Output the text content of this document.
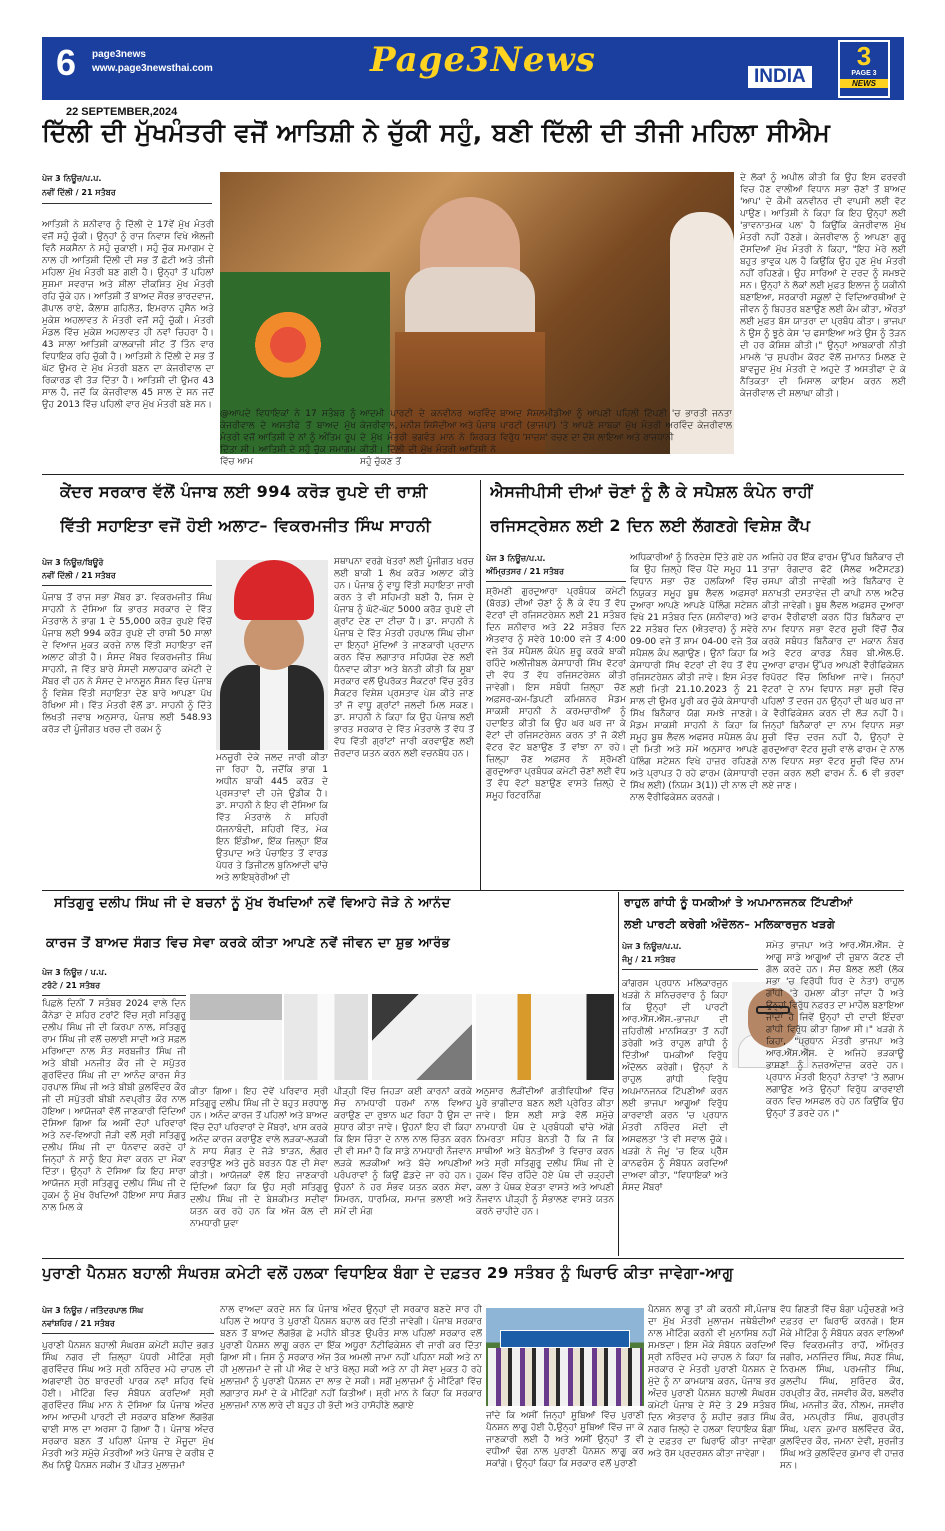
6 page3news
www.page3newsthai.com	Page3News	INDIA
3
PAGE 3
NEWS
22 SEPTEMBER,2024
ਦਿੱਲੀ ਦੀ ਮੁੱਖਮੰਤਰੀ ਵਜੋਂ ਆਤਿਸ਼ੀ ਨੇ ਚੁੱਕੀ ਸਹੁੰ, ਬਣੀ ਦਿੱਲੀ ਦੀ ਤੀਜੀ ਮਹਿਲਾ ਸੀਐਮ
ਪੇਜ 3 ਨਿਊਜ਼/ਪ.ਪ.
ਨਵੀਂ ਦਿੱਲੀ / 21 ਸਤੰਬਰ
ਆਤਿਸ਼ੀ ਨੇ ਸ਼ਨੀਵਾਰ ਨੂੰ ਦਿੱਲੀ ਦੇ 17ਵੇਂ ਮੁੱਖ ਮੰਤਰੀ ਵਜੋਂ ਸਹੁੰ ਚੁੱਕੀ। ਉਨ੍ਹਾਂ ਨੂੰ ਰਾਜ ਨਿਵਾਸ ਵਿਖੇ ਐਲਜੀ ਵਿਨੈ ਸਕਸੈਨਾ ਨੇ ਸਹੁੰ ਚੁਕਾਈ। ਸਹੁੰ ਚੁੱਕ ਸਮਾਗਮ ਦੇ ਨਾਲ ਹੀ ਆਤਿਸ਼ੀ ਦਿੱਲੀ ਦੀ ਸਭ ਤੋਂ ਛੋਟੀ ਅਤੇ ਤੀਜੀ ਮਹਿਲਾ ਮੁੱਖ ਮੰਤਰੀ ਬਣ ਗਈ ਹੈ। ਉਨ੍ਹਾਂ ਤੋਂ ਪਹਿਲਾਂ ਸੁਸ਼ਮਾ ਸਵਰਾਜ ਅਤੇ ਸ਼ੀਲਾ ਦੀਕਸ਼ਿਤ ਮੁੱਖ ਮੰਤਰੀ ਰਹਿ ਚੁੱਕੇ ਹਨ। ਆਤਿਸ਼ੀ ਤੋਂ ਬਾਅਦ ਸੌਰਭ ਭਾਰਦਵਾਜ, ਗੋਪਾਲ ਰਾਏ, ਕੈਲਾਸ਼ ਗਹਿਲੋਤ, ਇਮਰਾਨ ਹੁਸੈਨ ਅਤੇ ਮੁਕੇਸ਼ ਅਹਲਾਵਤ ਨੇ ਮੰਤਰੀ ਵਜੋਂ ਸਹੁੰ ਚੁੱਕੀ। ਮੰਤਰੀ ਮੰਡਲ ਵਿੱਚ ਮੁਕੇਸ਼ ਅਹਲਾਵਤ ਹੀ ਨਵਾਂ ਚਿਹਰਾ ਹੈ। 43 ਸਾਲਾ ਆਤਿਸ਼ੀ ਕਾਲਕਾਜੀ ਸੀਟ ਤੋਂ ਤਿੰਨ ਵਾਰ ਵਿਧਾਇਕ ਰਹਿ ਚੁੱਕੀ ਹੈ। ਆਤਿਸ਼ੀ ਨੇ ਦਿੱਲੀ ਦੇ ਸਭ ਤੋਂ ਘੱਟ ਉਮਰ ਦੇ ਮੁੱਖ ਮੰਤਰੀ ਬਣਨ ਦਾ ਕੇਜਰੀਵਾਲ ਦਾ ਰਿਕਾਰਡ ਵੀ ਤੋੜ ਦਿੱਤਾ ਹੈ। ਆਤਿਸ਼ੀ ਦੀ ਉਮਰ 43 ਸਾਲ ਹੈ, ਜਦੋਂ ਕਿ ਕੇਜਰੀਵਾਲ 45 ਸਾਲ ਦੇ ਸਨ ਜਦੋਂ ਉਹ 2013 ਵਿੱਚ ਪਹਿਲੀ ਵਾਰ ਮੁੱਖ ਮੰਤਰੀ ਬਣੇ ਸਨ।
@ਆਪਦੇ ਵਿਧਾਇਕਾਂ ਨੇ 17 ਸਤੰਬਰ ਨੂੰ ਕੇਜਰੀਵਾਲ ਦੇ ਅਸਤੀਫੇ ਤੋਂ ਬਾਅਦ ਮੁੱਖ ਮੰਤਰੀ ਵਜੋਂ ਆਤਿਸ਼ੀ ਦੇ ਨਾਂ ਨੂੰ ਅੰਤਿਮ ਰੂਪ ਦਿੱਤਾ ਸੀ। ਆਤਿਸ਼ੀ ਦੇ ਸਹੁੰ ਚੁੱਕ ਸਮਾਗਮ ਵਿੱਚ ਆਮ
ਆਦਮੀ ਪਾਰਟੀ ਦੇ ਕਨਵੀਨਰ ਅਰਵਿੰਦ ਕੇਜਰੀਵਾਲ, ਮਨੀਸ਼ ਸਿਸੋਦੀਆ ਅਤੇ ਪੰਜਾਬ ਦੇ ਮੁੱਖ ਮੰਤਰੀ ਭਗਵੰਤ ਮਾਨ ਨੇ ਸ਼ਿਰਕਤ ਕੀਤੀ। ਦਿੱਲੀ ਦੀ ਮੁੱਖ ਮੰਤਰੀ ਆਤਿਸ਼ੀ ਨੇ ਸਹੁੰ ਚੁੱਕਣ ਤੋਂ
ਬਾਅਦ ਸੋਸ਼ਲਮੀਡੀਆ ਨੂੰ ਆਪਣੀ ਪਹਿਲੀ ਟਿੱਪਣੀ 'ਚ ਭਾਰਤੀ ਜਨਤਾ ਪਾਰਟੀ (ਭਾਜਪਾ) 'ਤੇ ਆਪਣੇ ਸਾਬਕਾ ਮੁੱਖ ਮੰਤਰੀ ਅਰਵਿੰਦ ਕੇਜਰੀਵਾਲ ਵਿਰੁੱਧ 'ਸਾਜ਼ਸ਼' ਰਚਣ ਦਾ ਦੋਸ਼ ਲਾਇਆ ਅਤੇ ਰਾਜਧਾਨੀ
ਦੇ ਲੋਕਾਂ ਨੂੰ ਅਪੀਲ ਕੀਤੀ ਕਿ ਉਹ ਇਸ ਫਰਵਰੀ ਵਿਚ ਹੋਣ ਵਾਲੀਆਂ ਵਿਧਾਨ ਸਭਾ ਚੋਣਾਂ ਤੋਂ ਬਾਅਦ 'ਆਪ' ਦੇ ਕੌਮੀ ਕਨਵੀਨਰ ਦੀ ਵਾਪਸੀ ਲਈ ਵੋਟ ਪਾਉਣ। ਆਤਿਸ਼ੀ ਨੇ ਕਿਹਾ ਕਿ ਇਹ ਉਨ੍ਹਾਂ ਲਈ 'ਭਾਵਨਾਤਮਕ ਪਲ' ਹੈ ਕਿਉਂਕਿ ਕੇਜਰੀਵਾਲ ਮੁੱਖ ਮੰਤਰੀ ਨਹੀਂ ਹੋਣਗੇ। ਕੇਜਰੀਵਾਲ ਨੂੰ ਆਪਣਾ ਗੁਰੂ ਦੱਸਦਿਆਂ ਮੁੱਖ ਮੰਤਰੀ ਨੇ ਕਿਹਾ, "ਇਹ ਮੇਰੇ ਲਈ ਬਹੁਤ ਭਾਵੁਕ ਪਲ ਹੈ ਕਿਉਂਕਿ ਉਹ ਹੁਣ ਮੁੱਖ ਮੰਤਰੀ ਨਹੀਂ ਰਹਿਣਗੇ। ਉਹ ਸਾਰਿਆਂ ਦੇ ਦਰਦ ਨੂੰ ਸਮਝਦੇ ਸਨ। ਉਨ੍ਹਾਂ ਨੇ ਲੋਕਾਂ ਲਈ ਮੁਫ਼ਤ ਇਲਾਜ ਨੂੰ ਯਕੀਨੀ ਬਣਾਇਆ, ਸਰਕਾਰੀ ਸਕੂਲਾਂ ਦੇ ਵਿਦਿਆਰਥੀਆਂ ਦੇ ਜੀਵਨ ਨੂੰ ਬਿਹਤਰ ਬਣਾਉਣ ਲਈ ਕੰਮ ਕੀਤਾ, ਔਰਤਾਂ ਲਈ ਮੁਫ਼ਤ ਬੱਸ ਯਾਤਰਾ ਦਾ ਪ੍ਰਬੰਧ ਕੀਤਾ। ਭਾਜਪਾ ਨੇ ਉਸ ਨੂੰ ਝੂਠੇ ਕੇਸ 'ਚ ਫਸਾਇਆ ਅਤੇ ਉਸ ਨੂੰ ਤੋੜਨ ਦੀ ਹਰ ਕੋਸ਼ਿਸ਼ ਕੀਤੀ।" ਉਨ੍ਹਾਂ ਆਬਕਾਰੀ ਨੀਤੀ ਮਾਮਲੇ 'ਚ ਸੁਪਰੀਮ ਕੋਰਟ ਵੱਲੋਂ ਜ਼ਮਾਨਤ ਮਿਲਣ ਦੇ ਬਾਵਜੂਦ ਮੁੱਖ ਮੰਤਰੀ ਦੇ ਅਹੁਦੇ ਤੋਂ ਅਸਤੀਫਾ ਦੇ ਕੇ ਨੈਤਿਕਤਾ ਦੀ ਮਿਸਾਲ ਕਾਇਮ ਕਰਨ ਲਈ ਕੇਜਰੀਵਾਲ ਦੀ ਸ਼ਲਾਘਾ ਕੀਤੀ।
ਕੇਂਦਰ ਸਰਕਾਰ ਵੱਲੋਂ ਪੰਜਾਬ ਲਈ 994 ਕਰੋੜ ਰੁਪਏ ਦੀ ਰਾਸ਼ੀ
ਵਿੱਤੀ ਸਹਾਇਤਾ ਵਜੋਂ ਹੋਈ ਅਲਾਟ– ਵਿਕਰਮਜੀਤ ਸਿੰਘ ਸਾਹਨੀ
ਪੇਜ 3 ਨਿਊਜ਼/ਬਿਊਰੋ
ਨਵੀਂ ਦਿੱਲੀ / 21 ਸਤੰਬਰ
ਪੰਜਾਬ ਤੋਂ ਰਾਜ ਸਭਾ ਮੈਂਬਰ ਡਾ. ਵਿਕਰਮਜੀਤ ਸਿੰਘ ਸਾਹਨੀ ਨੇ ਦੱਸਿਆ ਕਿ ਭਾਰਤ ਸਰਕਾਰ ਦੇ ਵਿੱਤ ਮੰਤਰਾਲੇ ਨੇ ਭਾਗ 1 ਦੇ 55,000 ਕਰੋੜ ਰੁਪਏ ਵਿੱਚੋਂ ਪੰਜਾਬ ਲਈ 994 ਕਰੋੜ ਰੁਪਏ ਦੀ ਰਾਸ਼ੀ 50 ਸਾਲਾਂ ਦੇ ਵਿਆਜ ਮੁਕਤ ਕਰਜ਼ੇ ਨਾਲ ਵਿੱਤੀ ਸਹਾਇਤਾ ਵਜੋਂ ਅਲਾਟ ਕੀਤੀ ਹੈ। ਸੰਸਦ ਮੈਂਬਰ ਵਿਕਰਮਜੀਤ ਸਿੰਘ ਸਾਹਨੀ, ਜੋ ਵਿੱਤ ਬਾਰੇ ਸੰਸਦੀ ਸਲਾਹਕਾਰ ਕਮੇਟੀ ਦੇ ਮੈਂਬਰ ਵੀ ਹਨ ਨੇ ਸੰਸਦ ਦੇ ਮਾਨਸੂਨ ਸੈਸ਼ਨ ਵਿਚ ਪੰਜਾਬ ਨੂੰ ਵਿਸ਼ੇਸ਼ ਵਿੱਤੀ ਸਹਾਇਤਾ ਦੇਣ ਬਾਰੇ ਆਪਣਾ ਪੱਖ ਰੱਖਿਆ ਸੀ। ਵਿੱਤ ਮੰਤਰੀ ਵੱਲੋਂ ਡਾ. ਸਾਹਨੀ ਨੂੰ ਦਿੱਤੇ ਲਿਖਤੀ ਜਵਾਬ ਅਨੁਸਾਰ, ਪੰਜਾਬ ਲਈ 548.93 ਕਰੋੜ ਦੀ ਪੂੰਜੀਗਤ ਖਰਚ ਦੀ ਰਕਮ ਨੂੰ
ਮਨਜ਼ੂਰੀ ਦੇਕੇ ਜਲਦ ਜਾਰੀ ਕੀਤਾ ਜਾ ਰਿਹਾ ਹੈ, ਜਦੋਂਕਿ ਭਾਗ 1 ਅਧੀਨ ਬਾਕੀ 445 ਕਰੋੜ ਦੇ ਪ੍ਰਸਤਾਵਾਂ ਦੀ ਹਜੇ ਉਡੀਕ ਹੈ। ਡਾ. ਸਾਹਨੀ ਨੇ ਇਹ ਵੀ ਦੱਸਿਆ ਕਿ ਵਿੱਤ ਮੰਤਰਾਲੇ ਨੇ ਸ਼ਹਿਰੀ ਯੋਜਨਾਬੰਦੀ, ਸ਼ਹਿਰੀ ਵਿੱਤ, ਮੇਕ ਇਨ ਇੰਡੀਆ, ਇੱਕ ਜ਼ਿਲ੍ਹਾ ਇੱਕ ਉਤਪਾਦ ਅਤੇ ਪੰਚਾਇਤ ਤੋਂ ਵਾਰਡ ਪੱਧਰ ਤੇ ਡਿਜੀਟਲ ਬੁਨਿਆਦੀ ਢਾਂਚੇ ਅਤੇ ਲਾਇਬ੍ਰੇਰੀਆਂ ਦੀ
ਸਥਾਪਨਾ ਵਰਗੇ ਖੇਤਰਾਂ ਲਈ ਪੂੰਜੀਗਤ ਖਰਚ ਲਈ ਬਾਕੀ 1 ਲੱਖ ਕਰੋੜ ਅਲਾਟ ਕੀਤੇ ਹਨ। ਪੰਜਾਬ ਨੂੰ ਵਾਧੂ ਵਿੱਤੀ ਸਹਾਇਤਾ ਜਾਰੀ ਕਰਨ ਤੇ ਵੀ ਸਹਿਮਤੀ ਬਣੀ ਹੈ, ਜਿਸ ਦੇ ਪੰਜਾਬ ਨੂੰ ਘੱਟੋ-ਘੱਟ 5000 ਕਰੋੜ ਰੁਪਏ ਦੀ ਗ੍ਰਾਂਟ ਦੇਣ ਦਾ ਟੀਚਾ ਹੈ। ਡਾ. ਸਾਹਨੀ ਨੇ ਪੰਜਾਬ ਦੇ ਵਿੱਤ ਮੰਤਰੀ ਹਰਪਾਲ ਸਿੰਘ ਚੀਮਾ ਦਾ ਇਨ੍ਹਾਂ ਮੁੱਦਿਆਂ ਤੇ ਜਾਣਕਾਰੀ ਪ੍ਰਦਾਨ ਕਰਨ ਵਿੱਚ ਲਗਾਤਾਰ ਸਹਿਯੋਗ ਦੇਣ ਲਈ ਧੰਨਵਾਦ ਕੀਤਾ ਅਤੇ ਬੇਨਤੀ ਕੀਤੀ ਕਿ ਸੂਬਾ ਸਰਕਾਰ ਵਲੋਂ ਉਪਰੋਕਤ ਸੈਕਟਰਾਂ ਵਿੱਚ ਤੁਰੰਤ ਸੈਕਟਰ ਵਿਸ਼ੇਸ਼ ਪ੍ਰਸਤਾਵ ਪੇਸ਼ ਕੀਤੇ ਜਾਣ ਤਾਂ ਜੋ ਵਾਧੂ ਗ੍ਰਾਂਟਾਂ ਜਲਦੀ ਮਿਲ ਸਕਣ। ਡਾ. ਸਾਹਨੀ ਨੇ ਕਿਹਾ ਕਿ ਉਹ ਪੰਜਾਬ ਲਈ ਭਾਰਤ ਸਰਕਾਰ ਦੇ ਵਿੱਤ ਮੰਤਰਾਲੇ ਤੋਂ ਵੱਧ ਤੋਂ ਵੱਧ ਵਿੱਤੀ ਗ੍ਰਾਂਟਾਂ ਜਾਰੀ ਕਰਵਾਉਣ ਲਈ ਜ਼ੋਰਦਾਰ ਯਤਨ ਕਰਨ ਲਈ ਵਚਨਬੱਧ ਹਨ।
ਐਸਜੀਪੀਸੀ ਦੀਆਂ ਚੋਣਾਂ ਨੂੰ ਲੈ ਕੇ ਸਪੈਸ਼ਲ ਕੰਪੇਨ ਰਾਹੀਂ
ਰਜਿਸਟ੍ਰੇਸ਼ਨ ਲਈ 2 ਦਿਨ ਲਈ ਲੱਗਣਗੇ ਵਿਸ਼ੇਸ਼ ਕੈਂਪ
ਪੇਜ 3 ਨਿਊਜ਼/ਪ.ਪ.
ਅੰਮ੍ਰਿਤਸਰ / 21 ਸਤੰਬਰ
ਸ਼੍ਰੋਮਣੀ ਗੁਰਦੁਆਰਾ ਪ੍ਰਬੰਧਕ ਕਮੇਟੀ (ਬੋਰਡ) ਦੀਆਂ ਚੋਣਾਂ ਨੂੰ ਲੈ ਕੇ ਵੱਧ ਤੋਂ ਵੱਧ ਵੋਟਰਾਂ ਦੀ ਰਜਿਸਟਰੇਸ਼ਨ ਲਈ 21 ਸਤੰਬਰ ਦਿਨ ਸ਼ਨੀਵਾਰ ਅਤੇ 22 ਸਤੰਬਰ ਦਿਨ ਐਤਵਾਰ ਨੂੰ ਸਵੇਰੇ 10:00 ਵਜੇ ਤੋਂ 4:00 ਵਜੇ ਤੱਕ ਸਪੈਸ਼ਲ ਕੰਪੇਨ ਸ਼ੁਰੂ ਕਰਕੇ ਬਾਕੀ ਰਹਿੰਦੇ ਅਲੀਜੀਬਲ ਕੇਸਾਧਾਰੀ ਸਿੱਖ ਵੋਟਰਾਂ ਦੀ ਵੱਧ ਤੋਂ ਵੱਧ ਰਜਿਸਟਰੇਸ਼ਨ ਕੀਤੀ ਜਾਵੇਗੀ। ਇਸ ਸਬੰਧੀ ਜ਼ਿਲ੍ਹਾ ਚੋਣ ਅਫ਼ਸਰ-ਕਮ-ਡਿਪਟੀ ਕਮਿਸ਼ਨਰ ਮੈਡਮ ਸਾਕਸ਼ੀ ਸਾਹਨੀ ਨੇ ਕਰਮਚਾਰੀਆਂ ਨੂੰ ਹਦਾਇਤ ਕੀਤੀ ਕਿ ਉਹ ਘਰ ਘਰ ਜਾ ਕੇ ਵੋਟਾਂ ਦੀ ਰਜਿਸਟਰੇਸ਼ਨ ਕਰਨ ਤਾਂ ਜੋ ਕੋਈ ਵੋਟਰ ਵੋਟ ਬਣਾਉਣ ਤੋਂ ਵਾਂਝਾ ਨਾ ਰਹੇ। ਜ਼ਿਲ੍ਹਾ ਚੋਣ ਅਫ਼ਸਰ ਨੇ ਸ਼੍ਰੋਮਣੀ ਗੁਰਦੁਆਰਾ ਪ੍ਰਬੰਧਕ ਕਮੇਟੀ ਚੋਣਾਂ ਲਈ ਵੱਧ ਤੋਂ ਵੱਧ ਵੋਟਾਂ ਬਣਾਉਣ ਵਾਸਤੇ ਜ਼ਿਲ੍ਹੇ ਦੇ ਸਮੂਹ ਰਿਟਰਨਿੰਗ
ਅਧਿਕਾਰੀਆਂ ਨੂੰ ਨਿਰਦੇਸ਼ ਦਿੱਤੇ ਗਏ ਹਨ ਕਿ ਉਹ ਜ਼ਿਲ੍ਹੇ ਵਿੱਚ ਪੈਂਦੇ ਸਮੂਹ 11 ਵਿਧਾਨ ਸਭਾ ਚੋਣ ਹਲਕਿਆਂ ਵਿੱਚ ਨਿਯੁਕਤ ਸਮੂਹ ਬੂਥ ਲੈਵਲ ਅਫ਼ਸਰਾਂ ਦੁਆਰਾ ਆਪਣੇ ਆਪਣੇ ਪੋਲਿੰਗ ਸਟੇਸ਼ਨ ਵਿਖੇ 21 ਸਤੰਬਰ ਦਿਨ (ਸ਼ਨੀਵਾਰ) ਅਤੇ 22 ਸਤੰਬਰ ਦਿਨ (ਐਤਵਾਰ) ਨੂੰ ਸਵੇਰੇ 09-00 ਵਜੇ ਤੋਂ ਸ਼ਾਮ 04-00 ਵਜੇ ਤੱਕ ਸਪੈਸ਼ਲ ਕੰਪ ਲਗਾਉਣ। ਉਨਾਂ ਕਿਹਾ ਕਿ ਕੇਸਾਧਾਰੀ ਸਿੱਖ ਵੋਟਰਾਂ ਦੀ ਵੱਧ ਤੋਂ ਵੱਧ ਰਜਿਸਟਰੇਸ਼ਨ ਕੀਤੀ ਜਾਵੇ। ਇਸ ਮੰਤਵ ਲਈ ਮਿਤੀ 21.10.2023 ਨੂੰ 21 ਸਾਲ ਦੀ ਉਮਰ ਪੂਰੀ ਕਰ ਚੁੱਕੇ ਕੇਸਾਧਾਰੀ ਸਿੱਖ ਬਿਨੈਕਾਰ ਯੋਗ ਸਮਝੇ ਜਾਣਗੇ। ਮੈਡਮ ਸਾਕਸ਼ੀ ਸਾਹਨੀ ਨੇ ਕਿਹਾ ਕਿ ਸਮੂਹ ਬੂਥ ਲੈਵਲ ਅਫਸਰ ਸਪੈਸ਼ਲ ਕੰਪ ਦੀ ਮਿਤੀ ਅਤੇ ਸਮੇਂ ਅਨੁਸਾਰ ਆਪਣੇ ਪੋਲਿੰਗ ਸਟੇਸ਼ਨ ਵਿਖੇ ਹਾਜ਼ਰ ਰਹਿਣਗੇ ਅਤੇ ਪ੍ਰਾਪਤ ਹੋ ਰਹੇ ਫਾਰਮ (ਕੇਸਾਧਾਰੀ ਸਿੱਖ ਲਈ) (ਨਿਯਮ 3(1)) ਦੀ ਨਾਲ ਦੀ ਨਾਲ ਵੈਰੀਫਿਕੇਸ਼ਨ ਕਰਨਗੇ।
ਅਜਿਹੇ ਹਰ ਇੱਕ ਫਾਰਮ ਉੱਪਰ ਬਿਨੈਕਾਰ ਦੀ ਤਾਜ਼ਾ ਰੰਗਦਾਰ ਫੋਟੋ (ਸੈਲਫ ਅਟੈਸਟਡ) ਚਸਪਾ ਕੀਤੀ ਜਾਵੇਗੀ ਅਤੇ ਬਿਨੈਕਾਰ ਦੇ ਸ਼ਨਾਖਤੀ ਦਸਤਾਵੇਜ਼ ਦੀ ਕਾਪੀ ਨਾਲ ਅਟੈਚ ਕੀਤੀ ਜਾਵੇਗੀ। ਬੂਥ ਲੈਵਲ ਅਫ਼ਸਰ ਦੁਆਰਾ ਫਾਰਮ ਵੈਰੀਫਾਈ ਕਰਨ ਹਿੱਤ ਬਿਨੈਕਾਰ ਦਾ ਨਾਮ ਵਿਧਾਨ ਸਭਾ ਵੋਟਰ ਸੂਚੀ ਵਿੱਚੋਂ ਚੈੱਕ ਕਰਕੇ ਸਬੰਧਤ ਬਿਨੈਕਾਰ ਦਾ ਮਕਾਨ ਨੰਬਰ ਅਤੇ ਵੋਟਰ ਕਾਰਡ ਨੰਬਰ ਬੀ.ਐਲ.ਓ. ਦੁਆਰਾ ਫਾਰਮ ਉੱਪਰ ਆਪਣੀ ਵੈਰੀਫਿਕੇਸ਼ਨ ਰਿਪੋਰਟ ਵਿੱਚ ਲਿਖਿਆ ਜਾਵੇ। ਜਿਨ੍ਹਾਂ ਵੋਟਰਾਂ ਦੇ ਨਾਮ ਵਿਧਾਨ ਸਭਾ ਸੂਚੀ ਵਿੱਚ ਪਹਿਲਾਂ ਤੋਂ ਦਰਜ ਹਨ ਉਨ੍ਹਾਂ ਦੀ ਘਰ ਘਰ ਜਾ ਕੇ ਵੈਰੀਫਿਕੇਸ਼ਨ ਕਰਨ ਦੀ ਲੋੜ ਨਹੀਂ ਹੈ। ਜਿਨ੍ਹਾਂ ਬਿਨੈਕਾਰਾਂ ਦਾ ਨਾਮ ਵਿਧਾਨ ਸਭਾ ਸੂਚੀ ਵਿੱਚ ਦਰਜ ਨਹੀਂ ਹੈ, ਉਨ੍ਹਾਂ ਦੇ ਗੁਰਦੁਆਰਾ ਵੋਟਰ ਸੂਚੀ ਵਾਲੇ ਫਾਰਮ ਦੇ ਨਾਲ ਨਾਲ ਵਿਧਾਨ ਸਭਾ ਵੋਟਰ ਸੂਚੀ ਵਿੱਚ ਨਾਮ ਦਰਜ ਕਰਨ ਲਈ ਫਾਰਮ ਨੰ. 6 ਵੀ ਭਰਵਾ ਲਏ ਜਾਣ।
ਸਤਿਗੁਰੂ ਦਲੀਪ ਸਿੰਘ ਜੀ ਦੇ ਬਚਨਾਂ ਨੂੰ ਮੁੱਖ ਰੱਖਦਿਆਂ ਨਵੇਂ ਵਿਆਹੇ ਜੋੜੇ ਨੇ ਆਨੰਦ
ਕਾਰਜ ਤੋਂ ਬਾਅਦ ਸੰਗਤ ਵਿਚ ਸੇਵਾ ਕਰਕੇ ਕੀਤਾ ਆਪਣੇ ਨਵੇਂ ਜੀਵਨ ਦਾ ਸ਼ੁਭ ਆਰੰਭ
ਪੇਜ 3 ਨਿਊਜ਼ / ਪ.ਪ.
ਟਰੰਟੋ / 21 ਸਤੰਬਰ
ਪਿਛਲੇ ਦਿਨੀਂ 7 ਸਤੰਬਰ 2024 ਵਾਲੇ ਦਿਨ ਕੈਨੇਡਾ ਦੇ ਸ਼ਹਿਰ ਟਰਾਂਟੋ ਵਿੱਚ ਸ੍ਰੀ ਸਤਿਗੁਰੂ ਦਲੀਪ ਸਿੰਘ ਜੀ ਦੀ ਕਿਰਪਾ ਨਾਲ, ਸਤਿਗੁਰੂ ਰਾਮ ਸਿੰਘ ਜੀ ਵਲੋਂ ਚਲਾਈ ਸਾਦੀ ਅਤੇ ਸਫ਼ਲ ਮਰਿਆਦਾ ਨਾਲ ਸੰਤ ਸਰਬਜੀਤ ਸਿੰਘ ਜੀ ਅਤੇ ਬੀਬੀ ਮਨਜੀਤ ਕੌਰ ਜੀ ਦੇ ਸਪੁੱਤਰ ਗੁਰਵਿੰਦਰ ਸਿੰਘ ਜੀ ਦਾ ਆਨੰਦ ਕਾਰਜ ਸੰਤ ਹਰਪਾਲ ਸਿੰਘ ਜੀ ਅਤੇ ਬੀਬੀ ਕੁਲਵਿੰਦਰ ਕੌਰ ਜੀ ਦੀ ਸਪੁੱਤਰੀ ਬੀਬੀ ਨਵਪ੍ਰੀਤ ਕੌਰ ਨਾਲ ਹੋਇਆ। ਆਯੋਜਕਾਂ ਵੱਲੋਂ ਜਾਣਕਾਰੀ ਦਿੰਦਿਆਂ ਦੱਸਿਆ ਗਿਆ ਕਿ ਅਸੀਂ ਦੋਹਾਂ ਪਰਿਵਾਰਾਂ ਅਤੇ ਨਵ-ਵਿਆਹੀ ਜੋੜੀ ਵਲੋਂ ਸ੍ਰੀ ਸਤਿਗੁਰੂ ਦਲੀਪ ਸਿੰਘ ਜੀ ਦਾ ਧੰਨਵਾਦ ਕਰਦੇ ਹਾਂ ਜਿਨ੍ਹਾਂ ਨੇ ਸਾਨੂੰ ਇਹ ਸੇਵਾ ਕਰਨ ਦਾ ਮੌਕਾ ਦਿੱਤਾ। ਉਨ੍ਹਾਂ ਨੇ ਦੱਸਿਆ ਕਿ ਇਹ ਸਾਰਾ ਆਯੋਜਨ ਸ੍ਰੀ ਸਤਿਗੁਰੂ ਦਲੀਪ ਸਿੰਘ ਜੀ ਦੇ ਹੁਕਮ ਨੂੰ ਮੁੱਖ ਰੱਖਦਿਆਂ ਹੋਇਆ ਸਾਧ ਸੰਗਤ ਨਾਲ ਮਿਲ ਕੇ
ਕੀਤਾ ਗਿਆ। ਇਹ ਦੋਵੇਂ ਪਰਿਵਾਰ ਸ੍ਰੀ ਸਤਿਗੁਰੂ ਦਲੀਪ ਸਿੰਘ ਜੀ ਦੇ ਬਹੁਤ ਸ਼ਰਧਾਲੂ ਹਨ। ਅਨੰਦ ਕਾਰਜ ਤੋਂ ਪਹਿਲਾਂ ਅਤੇ ਬਾਅਦ ਵਿੱਚ ਦੋਹਾਂ ਪਰਿਵਾਰਾਂ ਦੇ ਮੈਂਬਰਾਂ, ਖਾਸ ਕਰਕੇ ਅਨੰਦ ਕਾਰਜ ਕਰਾਉਣ ਵਾਲੇ ਲੜਕਾ-ਲੜਕੀ ਨੇ ਸਾਧ ਸੰਗਤ ਦੇ ਜੋੜੇ ਝਾੜਨ, ਲੰਗਰ ਵਰਤਾਉਣ ਅਤੇ ਜੂਠੇ ਬਰਤਨ ਧੋਣ ਦੀ ਸੇਵਾ ਕੀਤੀ। ਆਯੋਜਕਾਂ ਵੱਲੋਂ ਇਹ ਜਾਣਕਾਰੀ ਦਿੰਦਿਆਂ ਕਿਹਾ ਕਿ ਉਹ ਸ੍ਰੀ ਸਤਿਗੁਰੂ ਦਲੀਪ ਸਿੰਘ ਜੀ ਦੇ ਬੇਸ਼ਕੀਮਤ ਸਦੀਵਾ ਯਤਨ ਕਰ ਰਹੇ ਹਨ ਕਿ ਅੱਜ ਕੱਲ ਦੀ ਨਾਮਧਾਰੀ ਯੁਵਾ
ਪੀੜ੍ਹੀ ਵਿੱਚ ਜਿਹੜਾ ਕਈ ਕਾਰਨਾਂ ਕਰਕੇ ਸੱਚ ਨਾਮਧਾਰੀ ਧਰਮਾਂ ਨਾਲ ਵਿਆਹ ਕਰਾਉਣ ਦਾ ਰੁਝਾਨ ਘਟ ਰਿਹਾ ਹੈ ਉਸ ਦਾ ਸੁਧਾਰ ਕੀਤਾ ਜਾਵੇ। ਉਹਨਾਂ ਇਹ ਵੀ ਕਿਹਾ ਕਿ ਇਸ ਚਿੰਤਾ ਦੇ ਨਾਲ ਨਾਲ ਚਿੰਤਨ ਕਰਨ ਦੀ ਵੀ ਸਮਾਂ ਹੈ ਕਿ ਸਾਡੇ ਨਾਮਧਾਰੀ ਨੌਜਵਾਨ ਲੜਕੇ ਲੜਕੀਆਂ ਅਤੇ ਬੱਚੇ ਆਪਣੀਆਂ ਪਰੰਪਰਾਵਾਂ ਨੂੰ ਕਿਉਂ ਛੱਡਦੇ ਜਾ ਰਹੇ ਹਨ। ਉਹਨਾਂ ਨੇ ਹਰ ਸੰਭਵ ਯਤਨ ਕਰਨ ਸੇਵਾ, ਸਿਮਰਨ, ਧਾਰਮਿਕ, ਸਮਾਜ ਭਲਾਈ ਅਤੇ ਸਮੇਂ ਦੀ ਮੰਗ
ਅਨੁਸਾਰ ਲੋੜੀਂਦੀਆਂ ਗਤੀਵਿਧੀਆਂ ਵਿੱਚ ਪੂਰੇ ਭਾਗੀਦਾਰ ਬਣਨ ਲਈ ਪ੍ਰੇਰਿਤ ਕੀਤਾ ਜਾਵੇ। ਇਸ ਲਈ ਸਾਡੇ ਵੱਲੋਂ ਸਮੁੱਚੇ ਨਾਮਧਾਰੀ ਪੰਥ ਦੇ ਪ੍ਰਬੰਧਕੀ ਢਾਂਚੇ ਅੱਗੇ ਨਿਮਰਤਾ ਸਹਿਤ ਬੇਨਤੀ ਹੈ ਕਿ ਜੋ ਕਿ ਸਾਥੀਆਂ ਅਤੇ ਬੇਨਤੀਆਂ ਤੇ ਵਿਚਾਰ ਕਰਨ ਅਤੇ ਸ੍ਰੀ ਸਤਿਗੁਰੂ ਦਲੀਪ ਸਿੰਘ ਜੀ ਦੇ ਹੁਕਮ ਵਿੱਚ ਰਹਿੰਦੇ ਹੋਏ ਪੰਥ ਦੀ ਚੜ੍ਹਦੀ ਕਲਾ ਤੇ ਪੰਥਕ ਏਕਤਾ ਵਾਸਤੇ ਅਤੇ ਆਪਣੀ ਨੌਜਵਾਨ ਪੀੜ੍ਹੀ ਨੂੰ ਸੰਭਾਲਣ ਵਾਸਤੇ ਯਤਨ ਕਰਨੇ ਚਾਹੀਦੇ ਹਨ।
ਰਾਹੁਲ ਗਾਂਧੀ ਨੂੰ ਧਮਕੀਆਂ ਤੇ ਅਪਮਾਨਜਨਕ ਟਿੱਪਣੀਆਂ
ਲਈ ਪਾਰਟੀ ਕਰੇਗੀ ਅੰਦੋਲਨ– ਮਲਿਕਾਰਜੁਨ ਖੜਗੇ
ਪੇਜ 3 ਨਿਊਜ਼/ਪ.ਪ.
ਜੰਮੂ / 21 ਸਤੰਬਰ
ਕਾਂਗਰਸ ਪ੍ਰਧਾਨ ਮਲਿਕਾਰਜੁਨ ਖੜਗੇ ਨੇ ਸ਼ਨਿਚਰਵਾਰ ਨੂੰ ਕਿਹਾ ਕਿ ਉਨ੍ਹਾਂ ਦੀ ਪਾਰਟੀ ਆਰ.ਐੱਸ.ਐੱਸ.-ਭਾਜਪਾ ਦੀ ਜ਼ਹਿਰੀਲੀ ਮਾਨਸਿਕਤਾ ਤੋਂ ਨਹੀਂ ਡਰੇਗੀ ਅਤੇ ਰਾਹੁਲ ਗਾਂਧੀ ਨੂੰ ਦਿੱਤੀਆਂ ਧਮਕੀਆਂ ਵਿਰੁੱਧ ਅੰਦੋਲਨ ਕਰੇਗੀ। ਉਨ੍ਹਾਂ ਨੇ ਰਾਹੁਲ ਗਾਂਧੀ ਵਿਰੁੱਧ ਅਪਮਾਨਜਨਕ ਟਿੱਪਣੀਆਂ ਕਰਨ ਲਈ ਭਾਜਪਾ ਆਗੂਆਂ ਵਿਰੁੱਧ ਕਾਰਵਾਈ ਕਰਨ 'ਚ ਪ੍ਰਧਾਨ ਮੰਤਰੀ ਨਰਿੰਦਰ ਮੋਦੀ ਦੀ ਅਸਫਲਤਾ 'ਤੇ ਵੀ ਸਵਾਲ ਚੁੱਕੇ। ਖੜਗੇ ਨੇ ਜੰਮੂ 'ਚ ਇਕ ਪ੍ਰੈੱਸ ਕਾਨਫਰੰਸ ਨੂੰ ਸੰਬੋਧਨ ਕਰਦਿਆਂ ਦਾਅਵਾ ਕੀਤਾ, "ਵਿਧਾਇਕਾਂ ਅਤੇ ਸੰਸਦ ਮੈਂਬਰਾਂ
ਸਮੇਤ ਭਾਜਪਾ ਅਤੇ ਆਰ.ਐੱਸ.ਐੱਸ. ਦੇ ਆਗੂ ਸਾਡੇ ਆਗੂਆਂ ਦੀ ਜ਼ੁਬਾਨ ਕੱਟਣ ਦੀ ਗੱਲ ਕਰਦੇ ਹਨ। ਸੱਚ ਬੋਲਣ ਲਈ (ਲੋਕ ਸਭਾ 'ਚ ਵਿਰੋਧੀ ਧਿਰ ਦੇ ਨੇਤਾ) ਰਾਹੁਲ ਗਾਂਧੀ 'ਤੇ ਹਮਲਾ ਕੀਤਾ ਜਾਂਦਾ ਹੈ ਅਤੇ ਉਨ੍ਹਾਂ ਵਿਰੁੱਧ ਨਫ਼ਰਤ ਦਾ ਮਾਹੌਲ ਬਣਾਇਆ ਜਾਂਦਾ ਹੈ ਜਿਵੇਂ ਉਨ੍ਹਾਂ ਦੀ ਦਾਦੀ ਇੰਦਰਾ ਗਾਂਧੀ ਵਿਰੁੱਧ ਕੀਤਾ ਗਿਆ ਸੀ।" ਖੜਗੇ ਨੇ ਕਿਹਾ, "ਪ੍ਰਧਾਨ ਮੰਤਰੀ ਭਾਜਪਾ ਅਤੇ ਆਰ.ਐੱਸ.ਐੱਸ. ਦੇ ਅਜਿਹੇ ਭੜਕਾਊ ਭਾਸ਼ਣਾਂ ਨੂੰ ਨਜ਼ਰਅੰਦਾਜ਼ ਕਰਦੇ ਹਨ। ਪ੍ਰਧਾਨ ਮੰਤਰੀ ਇਨ੍ਹਾਂ ਨੇਤਾਵਾਂ 'ਤੇ ਲਗਾਮ ਲਗਾਉਣ ਅਤੇ ਉਨ੍ਹਾਂ ਵਿਰੁੱਧ ਕਾਰਵਾਈ ਕਰਨ ਵਿਚ ਅਸਫਲ ਰਹੇ ਹਨ ਕਿਉਂਕਿ ਉਹ ਉਨ੍ਹਾਂ ਤੋਂ ਡਰਦੇ ਹਨ।"
ਪੁਰਾਣੀ ਪੈਨਸ਼ਨ ਬਹਾਲੀ ਸੰਘਰਸ਼ ਕਮੇਟੀ ਵਲੋਂ ਹਲਕਾ ਵਿਧਾਇਕ ਬੰਗਾ ਦੇ ਦਫ਼ਤਰ 29 ਸਤੰਬਰ ਨੂੰ ਘਿਰਾਓ ਕੀਤਾ ਜਾਵੇਗਾ-ਆਗੂ
ਪੇਜ 3 ਨਿਊਜ਼ / ਜਤਿੰਦਰਪਾਲ ਸਿੰਘ
ਨਵਾਂਸ਼ਹਿਰ / 21 ਸਤੰਬਰ
ਪੁਰਾਣੀ ਪੈਨਸ਼ਨ ਬਹਾਲੀ ਸੰਘਰਸ਼ ਕਮੇਟੀ ਸ਼ਹੀਦ ਭਗਤ ਸਿੰਘ ਨਗਰ ਦੀ ਜ਼ਿਲ੍ਹਾ ਪੱਧਰੀ ਮੀਟਿੰਗ ਸ੍ਰੀ ਗੁਰਵਿੰਦਰ ਸਿੰਘ ਅਤੇ ਸ੍ਰੀ ਨਰਿੰਦਰ ਮਹੇ ਚਾਹਲ ਦੀ ਅਗਵਾਈ ਹੇਠ ਬਾਰਦਰੀ ਪਾਰਕ ਨਵਾਂ ਸ਼ਹਿਰ ਵਿਖੇ ਹੋਈ। ਮੀਟਿੰਗ ਵਿਚ ਸੰਬੋਧਨ ਕਰਦਿਆਂ ਸ੍ਰੀ ਗੁਰਵਿੰਦਰ ਸਿੰਘ ਮਾਨ ਨੇ ਦੱਸਿਆ ਕਿ ਪੰਜਾਬ ਅੰਦਰ ਆਮ ਆਦਮੀ ਪਾਰਟੀ ਦੀ ਸਰਕਾਰ ਬਣਿਆ ਲੱਗਭੱਗ ਢਾਈ ਸਾਲ ਦਾ ਅਰਸਾ ਹੋ ਗਿਆ ਹੈ। ਪੰਜਾਬ ਅੰਦਰ ਸਰਕਾਰ ਬਣਨ ਤੋਂ ਪਹਿਲਾਂ ਪੰਜਾਬ ਦੇ ਮੌਜੂਦਾ ਮੁੱਖ ਮੰਤਰੀ ਅਤੇ ਸਮੁੱਚੇ ਮੰਤਰੀਆਂ ਅਤੇ ਪੰਜਾਬ ਦੇ ਕਰੀਬ ਦੋ ਲੱਖ ਨਿਊ ਪੈਨਸ਼ਨ ਸਕੀਮ ਤੋਂ ਪੀੜਤ ਮੁਲਾਜ਼ਮਾਂ
ਨਾਲ ਵਾਅਦਾ ਕਰਦੇ ਸਨ ਕਿ ਪੰਜਾਬ ਅੰਦਰ ਉਨ੍ਹਾਂ ਦੀ ਸਰਕਾਰ ਬਣਦੇ ਸਾਰ ਹੀ ਪਹਿਲ ਦੇ ਅਧਾਰ ਤੇ ਪੁਰਾਣੀ ਪੈਨਸ਼ਨ ਬਹਾਲ ਕਰ ਦਿੱਤੀ ਜਾਵੇਗੀ। ਪੰਜਾਬ ਸਰਕਾਰ ਬਣਨ ਤੋਂ ਬਾਅਦ ਲੱਗਭੱਗ ਛੇ ਮਹੀਨੇ ਬੀਤਣ ਉਪਰੰਤ ਸਾਲ ਪਹਿਲਾਂ ਸਰਕਾਰ ਵਲੋਂ ਪੁਰਾਣੀ ਪੈਨਸ਼ਨ ਲਾਗੂ ਕਰਨ ਦਾ ਇੱਕ ਅਧੂਰਾ ਨੋਟੀਫਿਕੇਸ਼ਨ ਵੀ ਜਾਰੀ ਕਰ ਦਿੱਤਾ ਗਿਆ ਸੀ। ਜਿਸ ਨੂੰ ਸਰਕਾਰ ਅੱਜ ਤੱਕ ਅਮਲੀ ਜਾਮਾ ਨਹੀਂ ਪਹਿਨਾ ਸਕੀ ਅਤੇ ਨਾ ਹੀ ਮੁਲਾਜ਼ਮਾਂ ਦੇ ਜੀ ਪੀ ਐਫ ਦੇ ਖਾਤੇ ਖੋਲ੍ਹ ਸਕੀ ਅਤੇ ਨਾ ਹੀ ਸੇਵਾ ਮੁਕਤ ਹੋ ਰਹੇ ਮੁਲਾਜ਼ਮਾਂ ਨੂੰ ਪੁਰਾਣੀ ਪੈਨਸ਼ਨ ਦਾ ਲਾਭ ਦੇ ਸਕੀ। ਸਗੋਂ ਮੁਲਾਜ਼ਮਾਂ ਨੂੰ ਮੀਟਿੰਗਾਂ ਵਿੱਚ ਲਗਾਤਾਰ ਸਮਾਂ ਦੇ ਕੇ ਮੀਟਿੰਗਾਂ ਨਹੀਂ ਕਿਤੀਆਂ। ਸ਼੍ਰੀ ਮਾਨ ਨੇ ਕਿਹਾ ਕਿ ਸਰਕਾਰ ਮੁਲਾਜ਼ਮਾਂ ਨਾਲ ਲਾਰੇ ਦੀ ਬਹੁਤ ਹੀ ਭੱਦੀ ਅਤੇ ਹਾਸੋਹੀਣੇ ਲਗਾਏ
ਜਾਂਦੇ ਕਿ ਅਸੀਂ ਜਿਨ੍ਹਾਂ ਸੂਬਿਆਂ ਵਿੱਚ ਪੁਰਾਣੀ ਪੈਨਸ਼ਨ ਲਾਗੂ ਹੋਈ ਹੈ,ਉਨ੍ਹਾਂ ਸੂਬਿਆਂ ਵਿੱਚ ਜਾ ਕੇ ਜਾਣਕਾਰੀ ਲਈ ਹੈ ਅਤੇ ਅਸੀਂ ਉਨ੍ਹਾਂ ਤੋਂ ਵੀ ਵਧੀਆਂ ਢੰਗ ਨਾਲ ਪੁਰਾਣੀ ਪੈਨਸ਼ਨ ਲਾਗੂ ਕਰ ਸਕਾਂਗੇ। ਉਨ੍ਹਾਂ ਕਿਹਾ ਕਿ ਸਰਕਾਰ ਵਲੋਂ ਪੁਰਾਣੀ
ਪੈਨਸ਼ਨ ਲਾਗੂ ਤਾਂ ਕੀ ਕਰਨੀ ਸੀ,ਪੰਜਾਬ ਦਾ ਮੁੱਖ ਮੰਤਰੀ ਮੁਲਾਜ਼ਮ ਜਥੇਬੰਦੀਆਂ ਨਾਲ ਮੀਟਿੰਗ ਕਰਨੀ ਵੀ ਮੁਨਾਸਿਬ ਨਹੀਂ ਸਮਝਦਾ। ਇਸ ਮੌਕੇ ਸੰਬੋਧਨ ਕਰਦਿਆਂ ਸ੍ਰੀ ਨਰਿੰਦਰ ਮਹੇ ਚਾਹਲ ਨੇ ਕਿਹਾ ਕਿ ਸਰਕਾਰ ਦੇ ਮੰਤਰੀ ਪੁਰਾਣੀ ਪੈਨਸ਼ਨ ਦੇ ਮੁੱਦੇ ਨੂੰ ਨਾ ਕਾਮਯਾਬ ਕਰਨ, ਪੰਜਾਬ ਭਰ ਅੰਦਰ ਪੁਰਾਣੀ ਪੈਨਸ਼ਨ ਬਹਾਲੀ ਸੰਘਰਸ਼ ਕਮੇਟੀ ਪੰਜਾਬ ਦੇ ਸੱਦੇ ਤੇ 29 ਸਤੰਬਰ ਦਿਨ ਐਤਵਾਰ ਨੂੰ ਸ਼ਹੀਦ ਭਗਤ ਸਿੰਘ ਨਗਰ ਜ਼ਿਲ੍ਹੇ ਦੇ ਹਲਕਾ ਵਿਧਾਇਕ ਬੰਗਾ ਦੇ ਦਫ਼ਤਰ ਦਾ ਘਿਰਾਓ ਕੀਤਾ ਜਾਵੇਗਾ ਅਤੇ ਰੋਸ ਪ੍ਰਦਰਸ਼ਨ ਕੀਤਾ ਜਾਵੇਗਾ।
ਵੱਧ ਗਿਣਤੀ ਵਿੱਚ ਬੰਗਾ ਪਹੁੰਚਣਗੇ ਅਤੇ ਦਫ਼ਤਰ ਦਾ ਘਿਰਾਓ ਕਰਨਗੇ। ਇਸ ਮੌਕੇ ਮੀਟਿੰਗ ਨੂੰ ਸੰਬੋਧਨ ਕਰਨ ਵਾਲਿਆਂ ਵਿੱਚ ਵਿਕਰਮਜੀਤ ਰਾਹੋਂ, ਅੰਮ੍ਰਿਤ ਜਗੀਰ, ਮਨਜਿੰਦਰ ਸਿੰਘ, ਸੋਹਣ ਸਿੰਘ, ਨਿਰਮਲ ਸਿੰਘ, ਪਰਮਜੀਤ ਸਿੰਘ, ਕੁਲਦੀਪ ਸਿੰਘ, ਸੁਰਿੰਦਰ ਕੌਰ, ਹਰਪ੍ਰੀਤ ਕੌਰ, ਜਸਵੀਰ ਕੌਰ, ਬਲਵੀਰ ਸਿੰਘ, ਮਨਜੀਤ ਕੌਰ, ਨੀਲਮ, ਜਸਵੀਰ ਕੌਰ, ਮਨਪ੍ਰੀਤ ਸਿੰਘ, ਗੁਰਪ੍ਰੀਤ ਸਿੰਘ, ਪਵਨ ਕੁਮਾਰ ਬਲਵਿੰਦਰ ਕੌਰ, ਕੁਲਵਿੰਦਰ ਕੌਰ, ਜਮਨਾ ਦੇਵੀ, ਸੁਰਜੀਤ ਸਿੰਘ ਅਤੇ ਕੁਲਵਿੰਦਰ ਕੁਮਾਰ ਵੀ ਹਾਜ਼ਰ ਸਨ।
